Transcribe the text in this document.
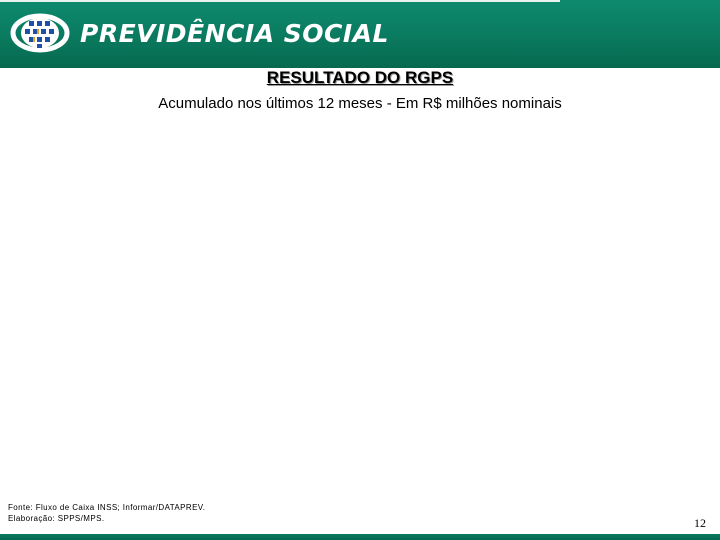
PREVIDÊNCIA SOCIAL
RESULTADO DO RGPS
Acumulado nos últimos 12 meses - Em R$ milhões nominais
Fonte: Fluxo de Caixa INSS; Informar/DATAPREV.
Elaboração: SPPS/MPS.	12
